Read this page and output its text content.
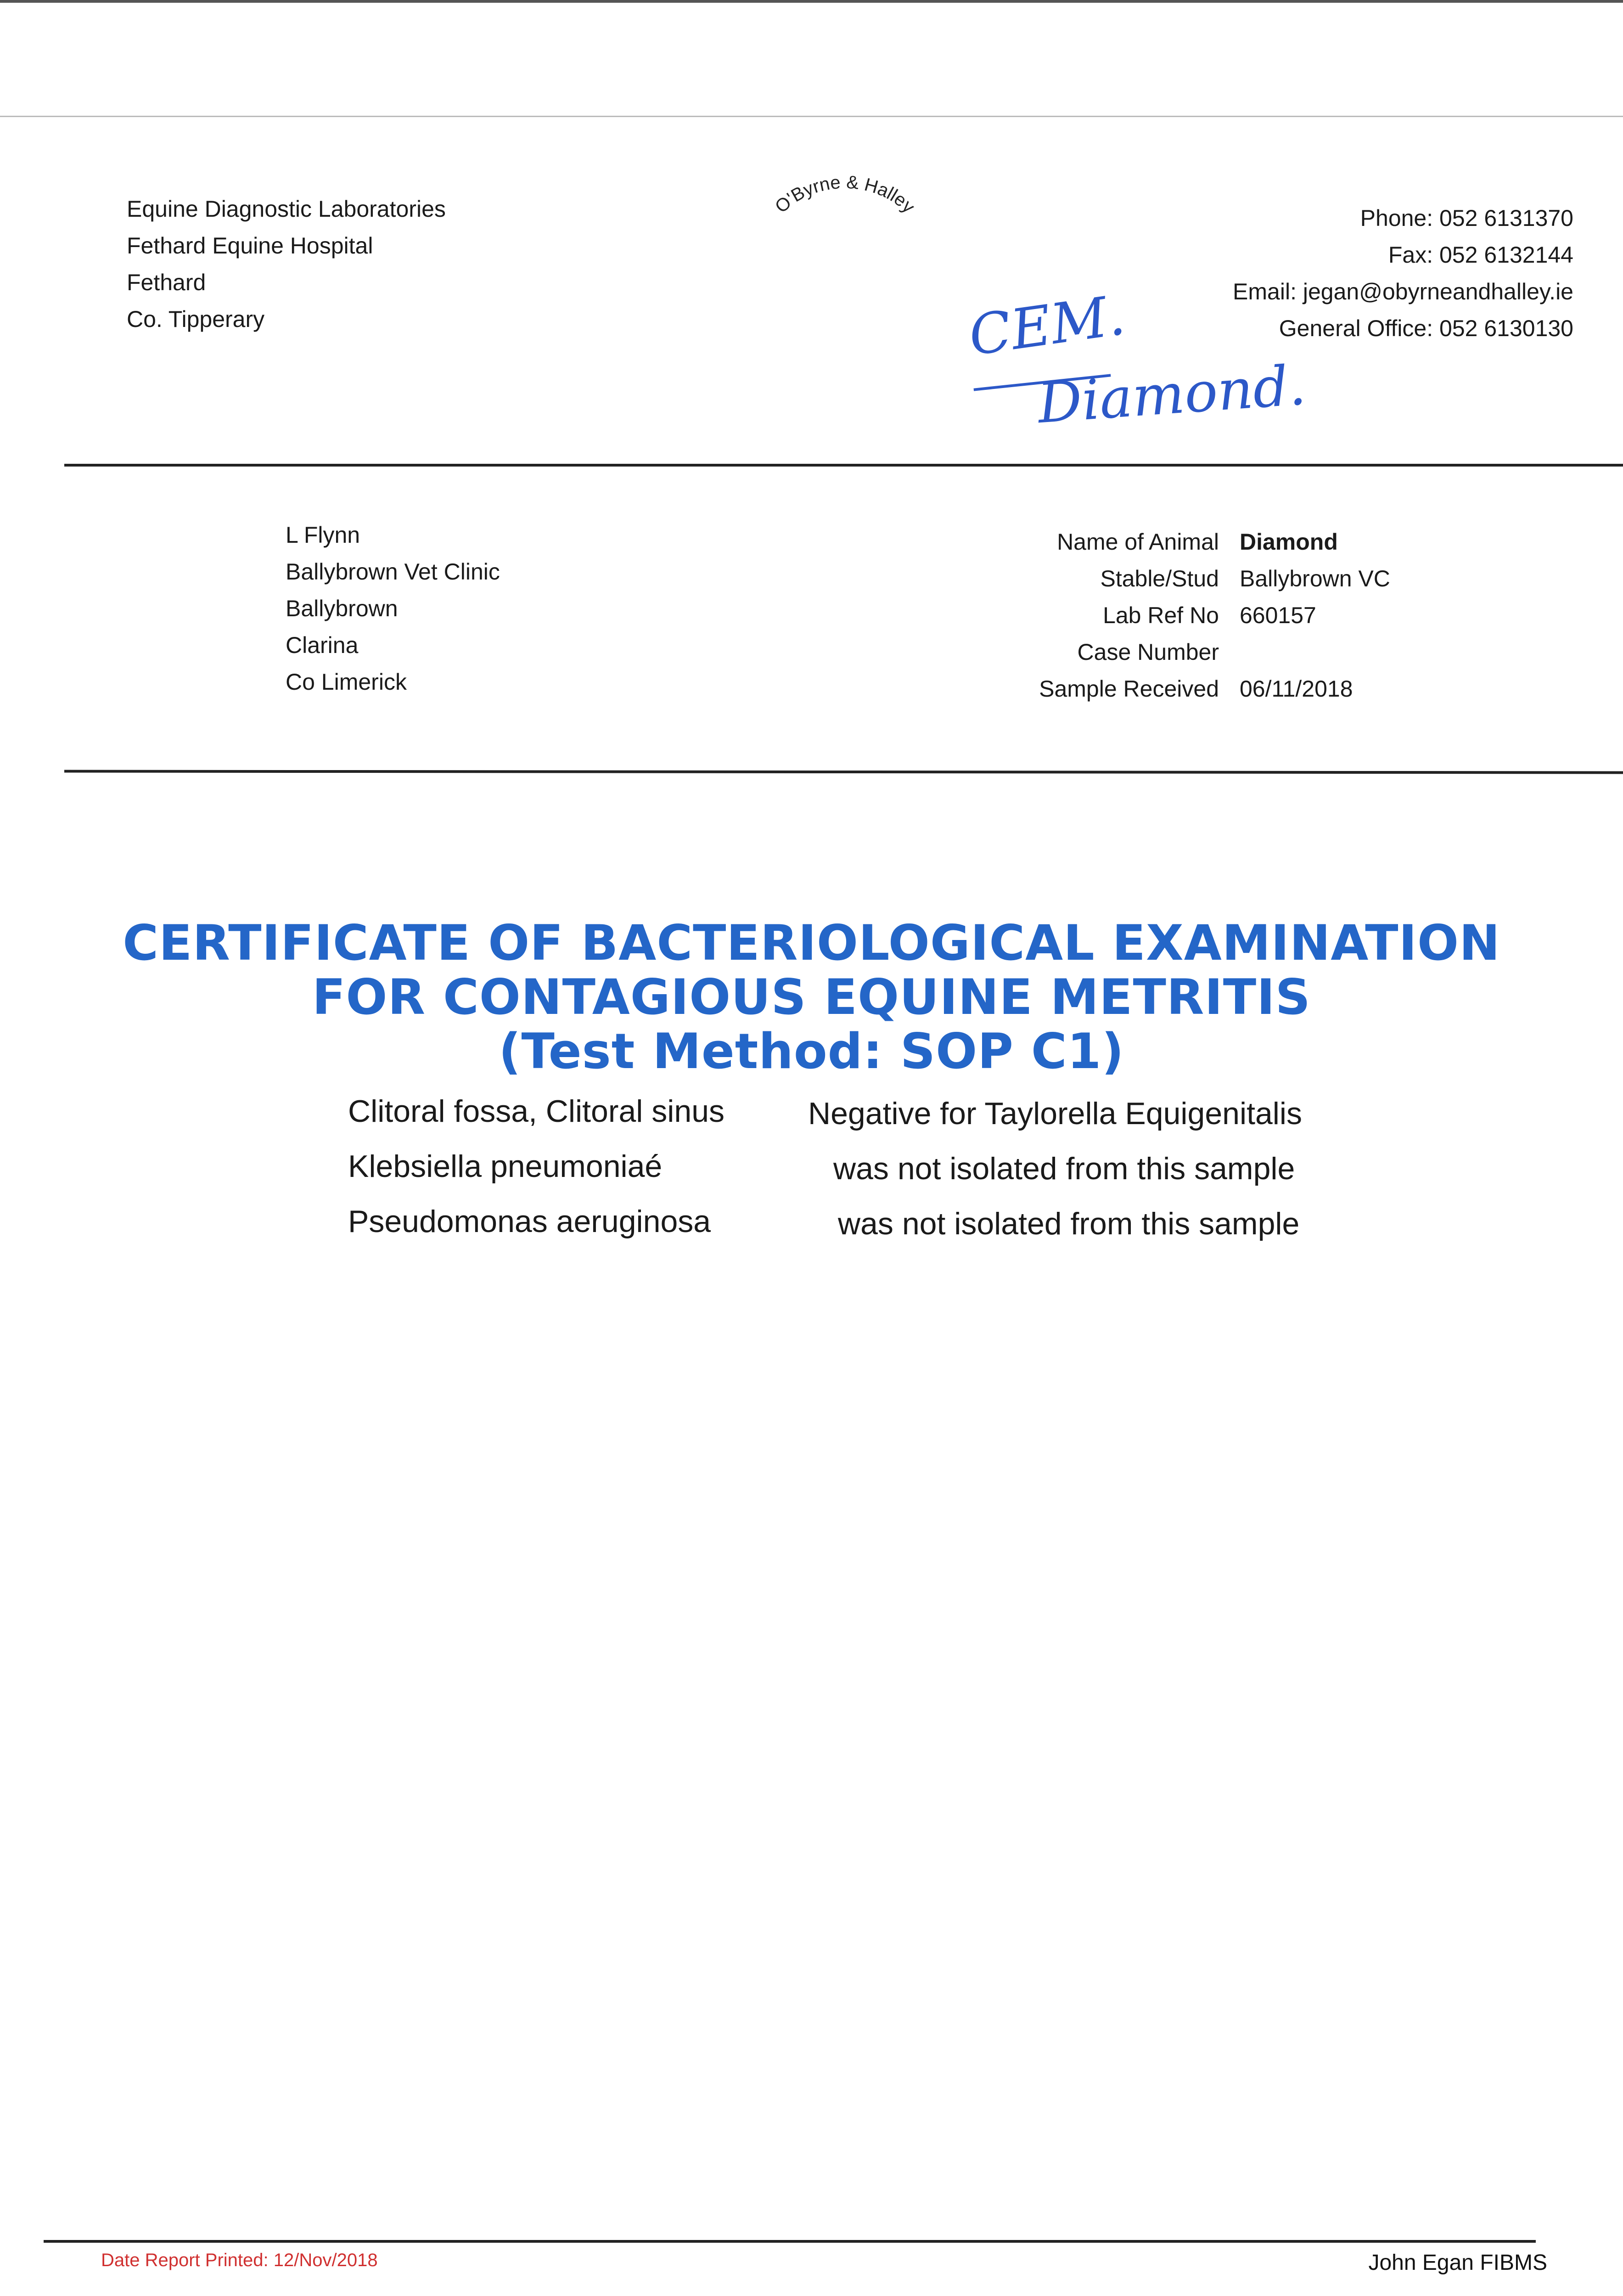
Equine Diagnostic Laboratories
Fethard Equine Hospital
Fethard
Co. Tipperary
O'Byrne & Halley	Phone: 052 6131370
Fax: 052 6132144
Email: jegan@obyrneandhalley.ie
General Office: 052 6130130
CEM.
Diamond.
L Flynn
Ballybrown Vet Clinic
Ballybrown
Clarina
Co Limerick
Name of Animal
Stable/Stud
Lab Ref No
Case Number
Sample Received
Diamond
Ballybrown VC
660157
06/11/2018
CERTIFICATE OF BACTERIOLOGICAL EXAMINATION
FOR CONTAGIOUS EQUINE METRITIS
(Test Method: SOP C1)
Clitoral fossa, Clitoral sinus
Klebsiella pneumoniaé
Pseudomonas aeruginosa
Negative for Taylorella Equigenitalis
was not isolated from this sample
was not isolated from this sample
Date Report Printed: 12/Nov/2018	John Egan FIBMS
